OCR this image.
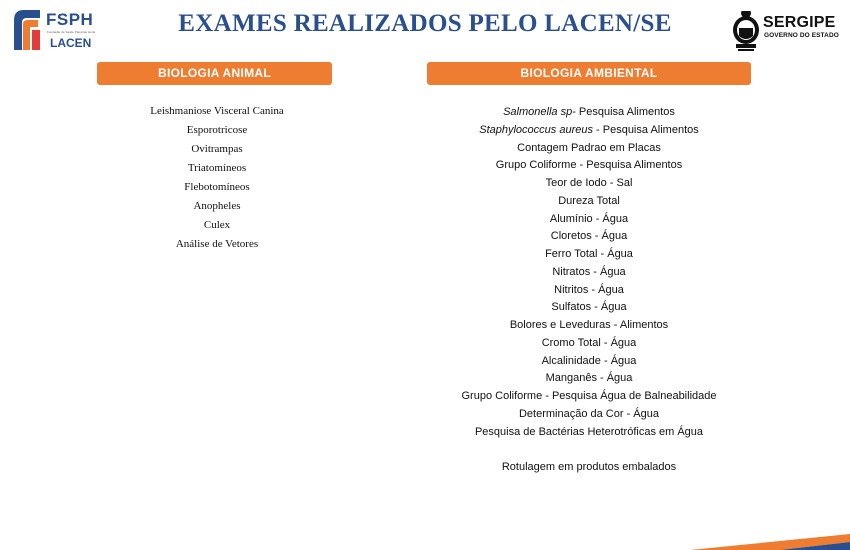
FSPH
Fundação de Saúde Parreiras Horta
LACEN
EXAMES REALIZADOS PELO LACEN/SE	SERGIPE
GOVERNO DO ESTADO
BIOLOGIA ANIMAL	BIOLOGIA AMBIENTAL
Leishmaniose Visceral Canina
Esporotricose
Ovitrampas
Triatomíneos
Flebotomíneos
Anopheles
Culex
Análise de Vetores
Salmonella sp- Pesquisa Alimentos
Staphylococcus aureus - Pesquisa Alimentos
Contagem Padrao em Placas
Grupo Coliforme - Pesquisa Alimentos
Teor de Iodo - Sal
Dureza Total
Alumínio - Água
Cloretos - Água
Ferro Total - Água
Nitratos - Água
Nitritos - Água
Sulfatos - Água
Bolores e Leveduras - Alimentos
Cromo Total - Água
Alcalinidade - Água
Manganês - Água
Grupo Coliforme - Pesquisa Água de Balneabilidade
Determinação da Cor - Água
Pesquisa de Bactérias Heterotróficas em Água
Rotulagem em produtos embalados
